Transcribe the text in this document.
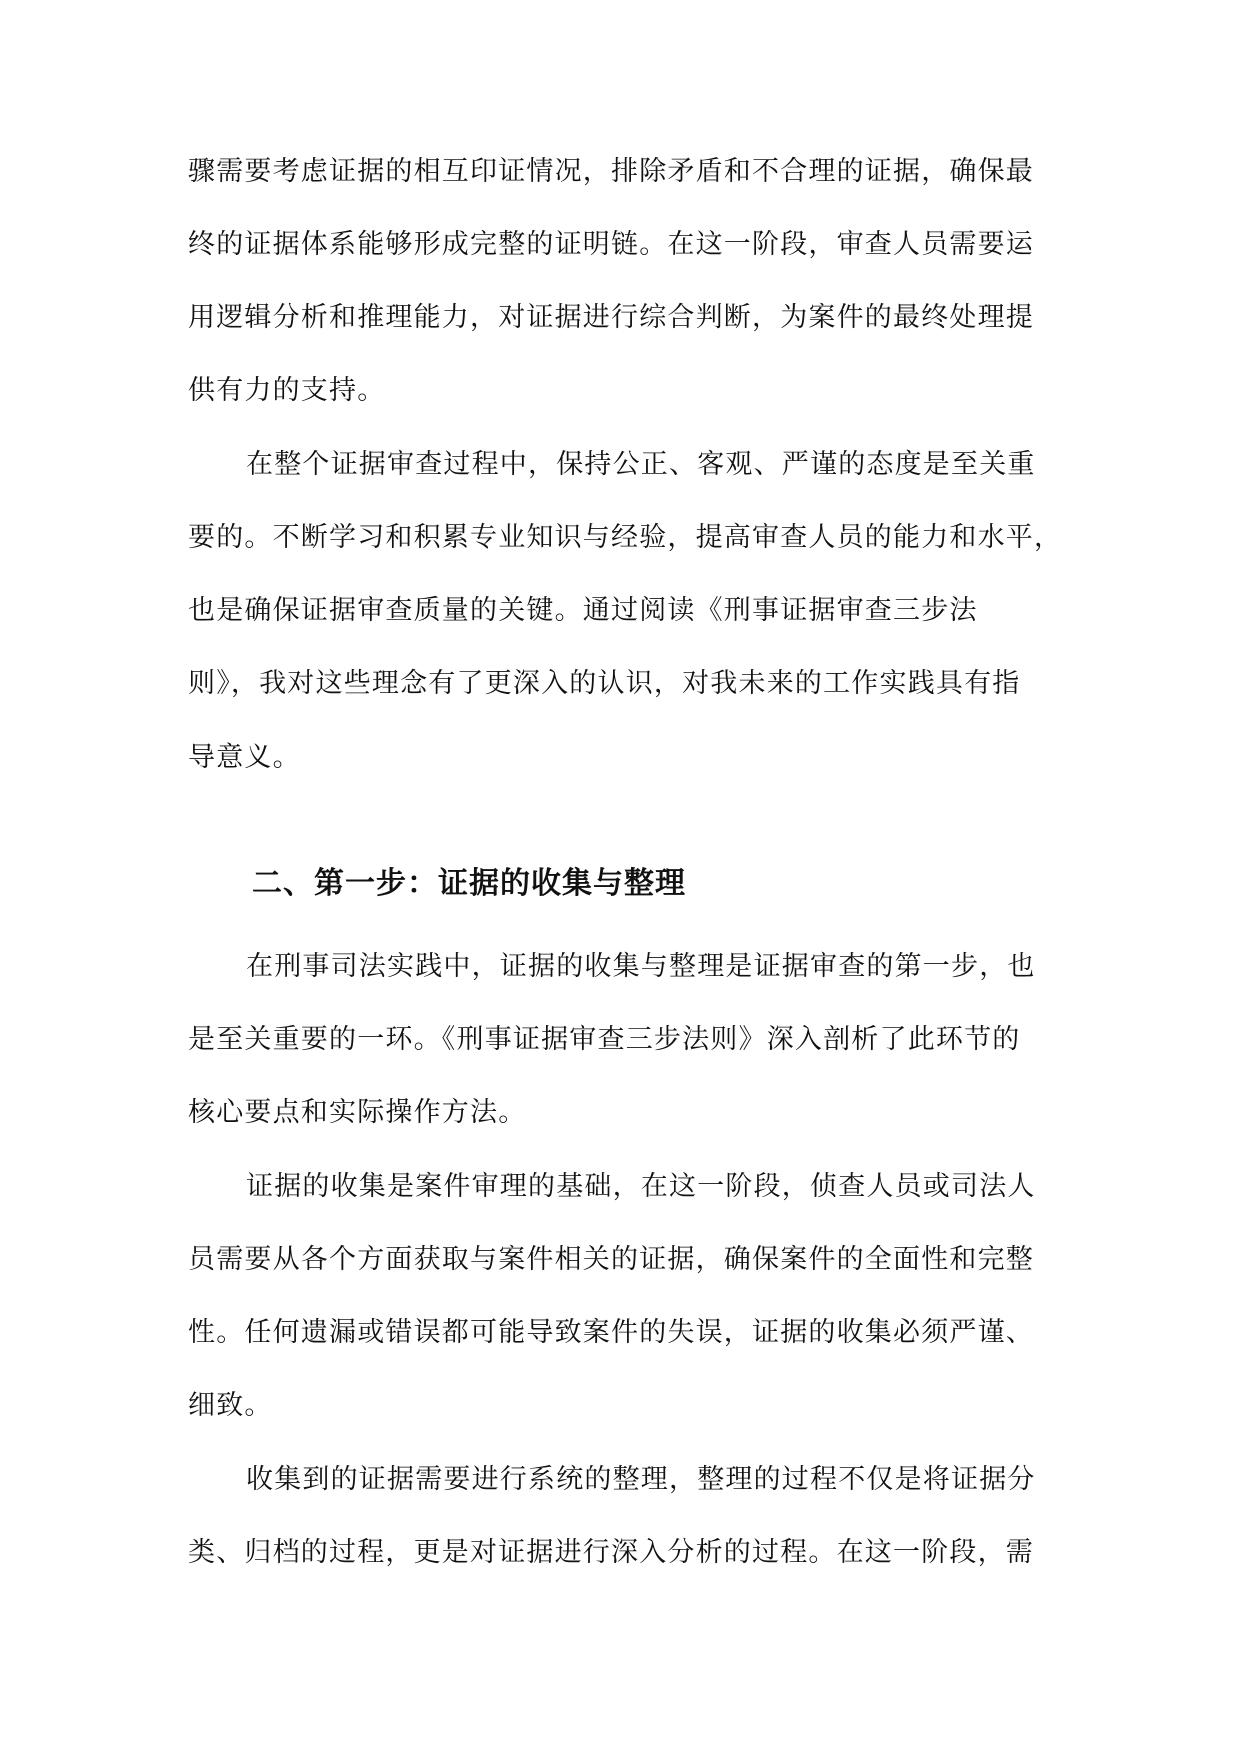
骤需要考虑证据的相互印证情况，排除矛盾和不合理的证据，确保最
终的证据体系能够形成完整的证明链。在这一阶段，审查人员需要运
用逻辑分析和推理能力，对证据进行综合判断，为案件的最终处理提
供有力的支持。
在整个证据审查过程中，保持公正、客观、严谨的态度是至关重
要的。不断学习和积累专业知识与经验，提高审查人员的能力和水平，
也是确保证据审查质量的关键。通过阅读《刑事证据审查三步法
则》，我对这些理念有了更深入的认识，对我未来的工作实践具有指
导意义。
二、第一步：证据的收集与整理
在刑事司法实践中，证据的收集与整理是证据审查的第一步，也
是至关重要的一环。《刑事证据审查三步法则》深入剖析了此环节的
核心要点和实际操作方法。
证据的收集是案件审理的基础，在这一阶段，侦查人员或司法人
员需要从各个方面获取与案件相关的证据，确保案件的全面性和完整
性。任何遗漏或错误都可能导致案件的失误，证据的收集必须严谨、
细致。
收集到的证据需要进行系统的整理，整理的过程不仅是将证据分
类、归档的过程，更是对证据进行深入分析的过程。在这一阶段，需
